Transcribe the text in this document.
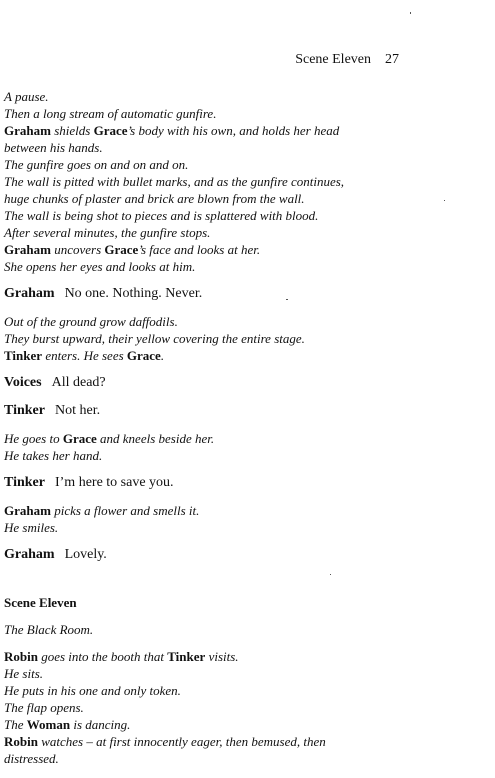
Scene Eleven 27
A pause.
Then a long stream of automatic gunfire.
Graham shields Grace’s body with his own, and holds her head
between his hands.
The gunfire goes on and on and on.
The wall is pitted with bullet marks, and as the gunfire continues,
huge chunks of plaster and brick are blown from the wall.
The wall is being shot to pieces and is splattered with blood.
After several minutes, the gunfire stops.
Graham uncovers Grace’s face and looks at her.
She opens her eyes and looks at him.
Graham No one. Nothing. Never.
Out of the ground grow daffodils.
They burst upward, their yellow covering the entire stage.
Tinker enters. He sees Grace.
Voices All dead?
Tinker Not her.
He goes to Grace and kneels beside her.
He takes her hand.
Tinker I’m here to save you.
Graham picks a flower and smells it.
He smiles.
Graham Lovely.
Scene Eleven
The Black Room.
Robin goes into the booth that Tinker visits.
He sits.
He puts in his one and only token.
The flap opens.
The Woman is dancing.
Robin watches – at first innocently eager, then bemused, then
distressed.
